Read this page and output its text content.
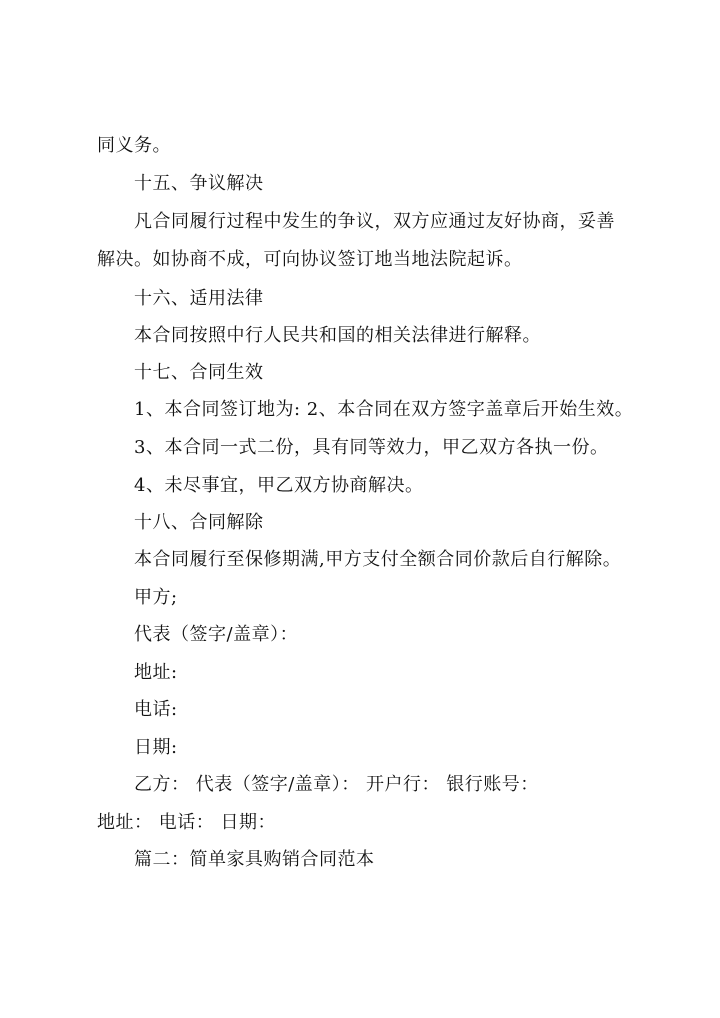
同义务。
十五、争议解决
凡合同履行过程中发生的争议，双方应通过友好协商，妥善
解决。如协商不成，可向协议签订地当地法院起诉。
十六、适用法律
本合同按照中行人民共和国的相关法律进行解释。
十七、合同生效
1、本合同签订地为: 2、本合同在双方签字盖章后开始生效。
3、本合同一式二份，具有同等效力，甲乙双方各执一份。
4、未尽事宜，甲乙双方协商解决。
十八、合同解除
本合同履行至保修期满,甲方支付全额合同价款后自行解除。
甲方;
代表（签字/盖章）：
地址:
电话:
日期:
乙方： 代表（签字/盖章）： 开户行： 银行账号：
地址： 电话： 日期：
篇二：简单家具购销合同范本
